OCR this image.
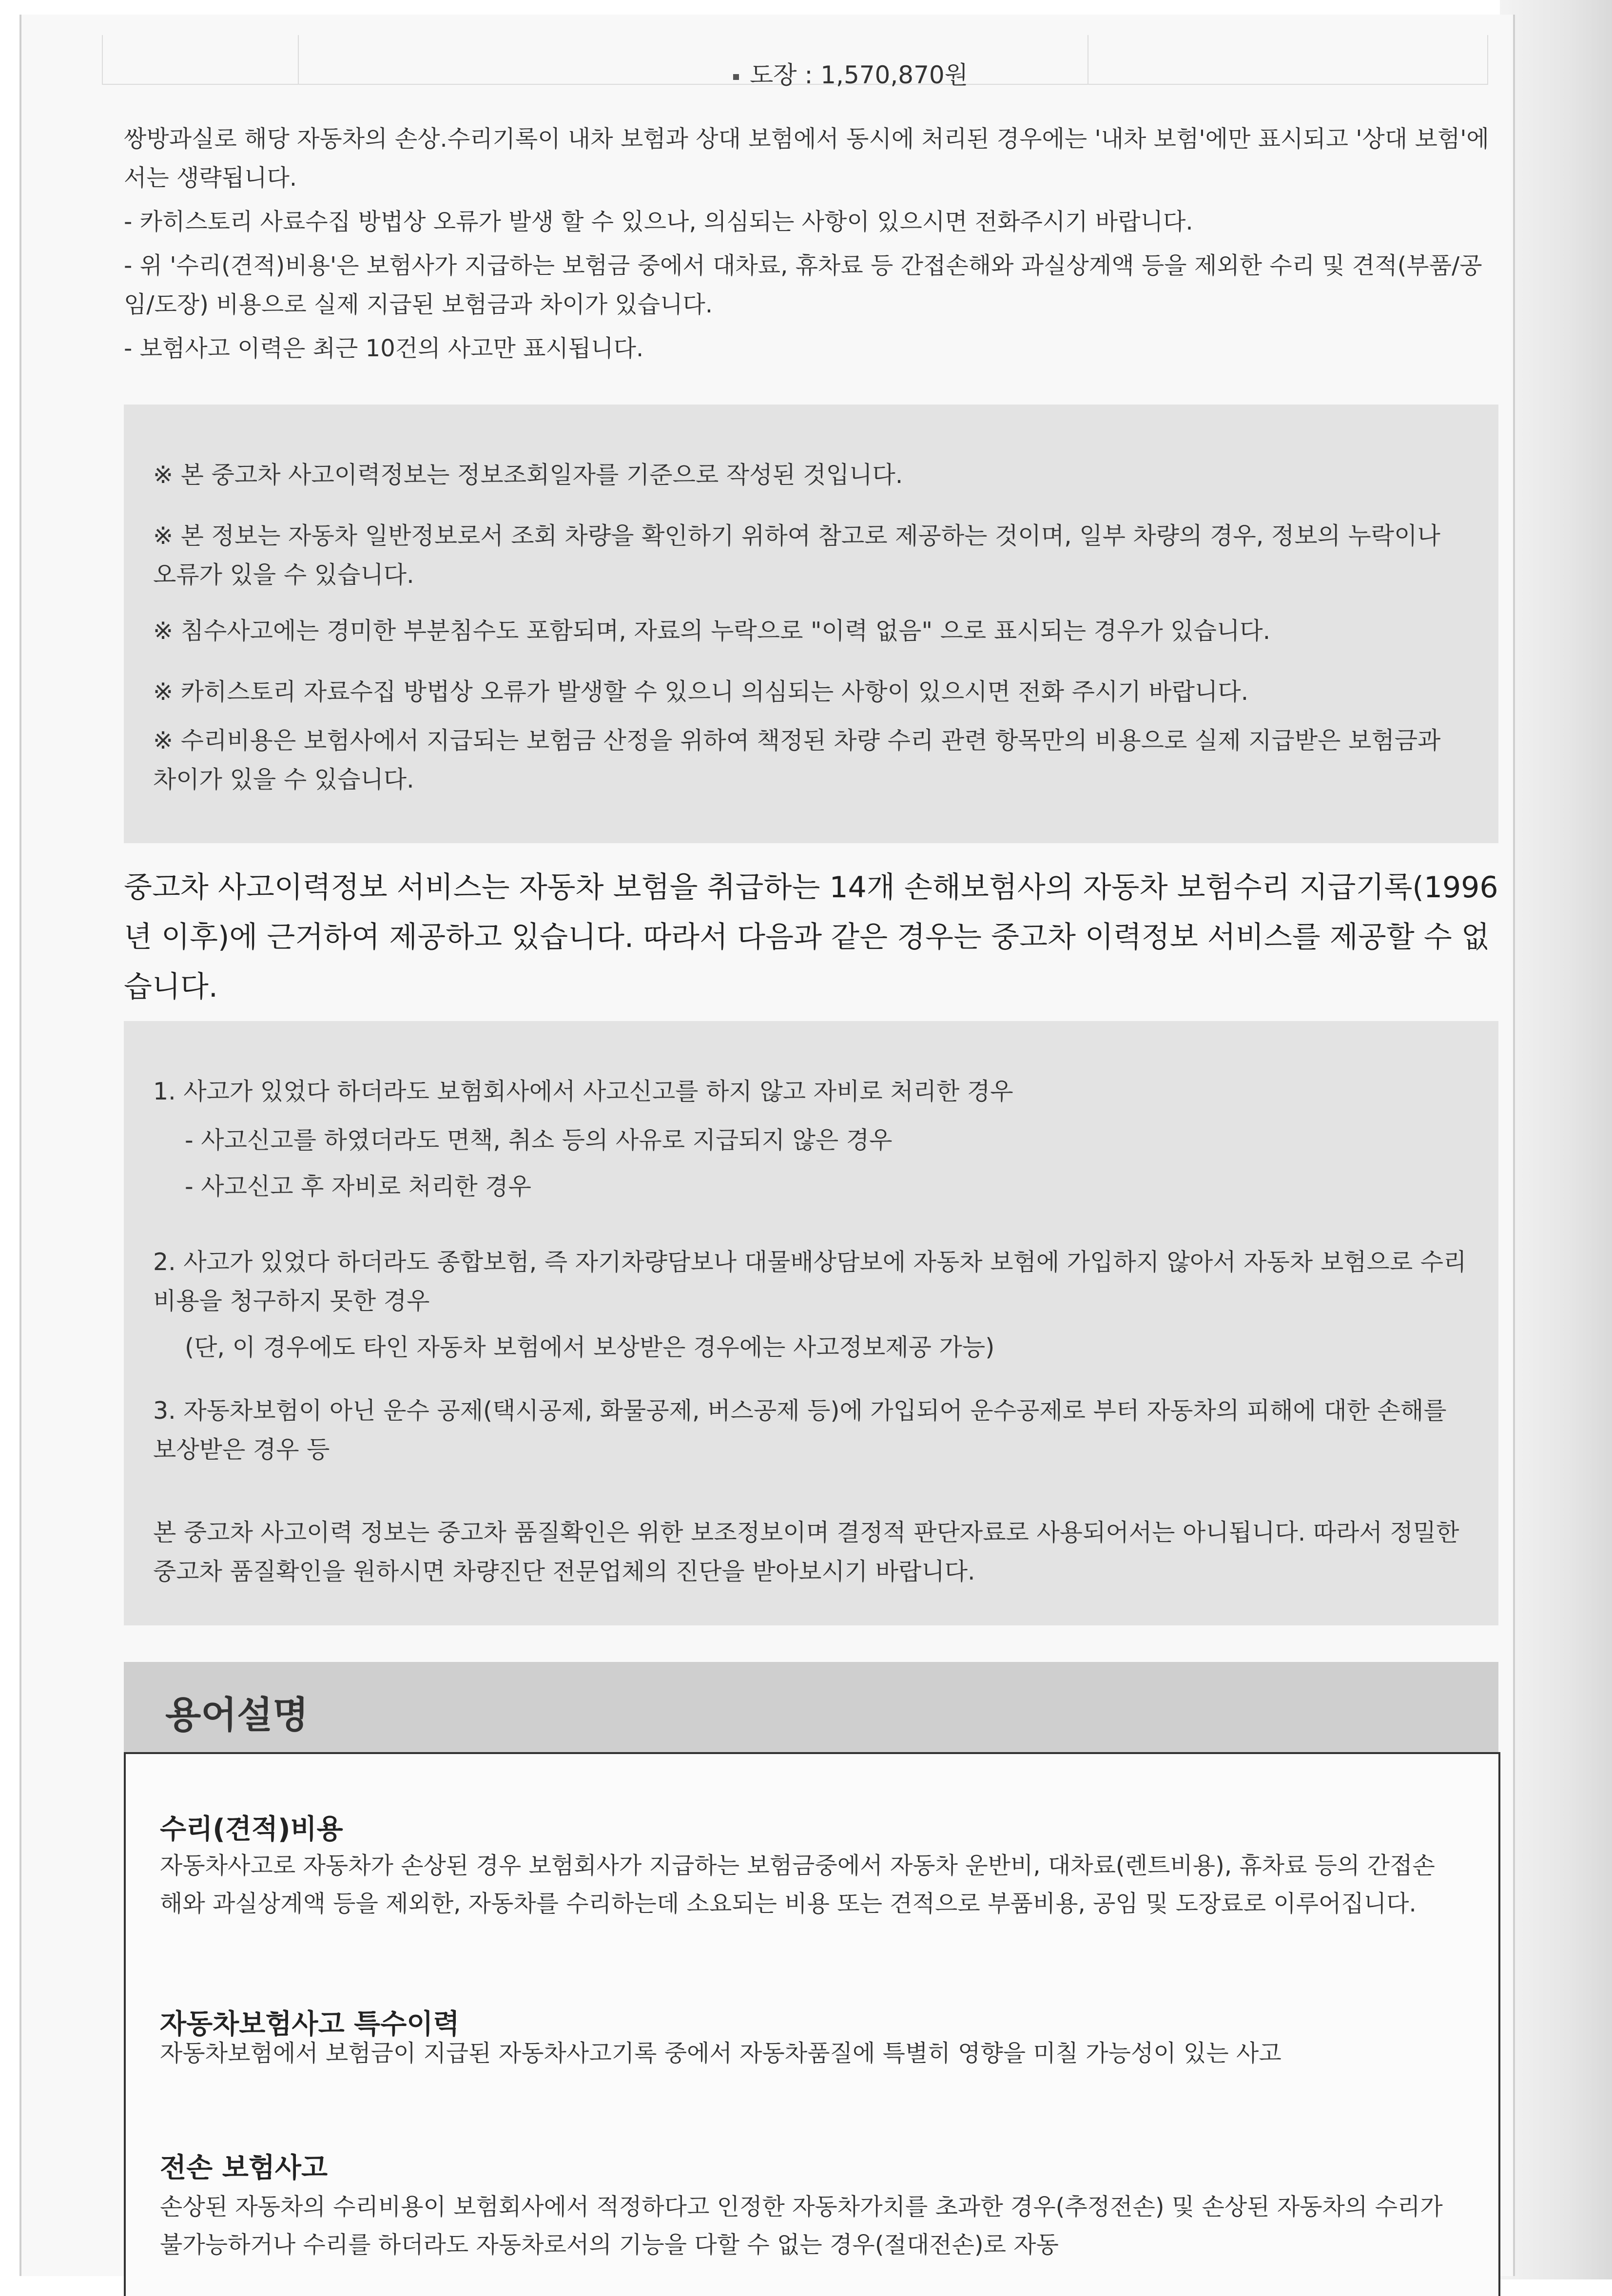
도장 : 1,570,870원
쌍방과실로 해당 자동차의 손상.수리기록이 내차 보험과 상대 보험에서 동시에 처리된 경우에는 '내차 보험'에만 표시되고 '상대 보험'에서는 생략됩니다.
- 카히스토리 사료수집 방법상 오류가 발생 할 수 있으나, 의심되는 사항이 있으시면 전화주시기 바랍니다.
- 위 '수리(견적)비용'은 보험사가 지급하는 보험금 중에서 대차료, 휴차료 등 간접손해와 과실상계액 등을 제외한 수리 및 견적(부품/공임/도장) 비용으로 실제 지급된 보험금과 차이가 있습니다.
- 보험사고 이력은 최근 10건의 사고만 표시됩니다.
※ 본 중고차 사고이력정보는 정보조회일자를 기준으로 작성된 것입니다.
※ 본 정보는 자동차 일반정보로서 조회 차량을 확인하기 위하여 참고로 제공하는 것이며, 일부 차량의 경우, 정보의 누락이나 오류가 있을 수 있습니다.
※ 침수사고에는 경미한 부분침수도 포함되며, 자료의 누락으로 "이력 없음" 으로 표시되는 경우가 있습니다.
※ 카히스토리 자료수집 방법상 오류가 발생할 수 있으니 의심되는 사항이 있으시면 전화 주시기 바랍니다.
※ 수리비용은 보험사에서 지급되는 보험금 산정을 위하여 책정된 차량 수리 관련 항목만의 비용으로 실제 지급받은 보험금과 차이가 있을 수 있습니다.
중고차 사고이력정보 서비스는 자동차 보험을 취급하는 14개 손해보험사의 자동차 보험수리 지급기록(1996년 이후)에 근거하여 제공하고 있습니다. 따라서 다음과 같은 경우는 중고차 이력정보 서비스를 제공할 수 없습니다.
1. 사고가 있었다 하더라도 보험회사에서 사고신고를 하지 않고 자비로 처리한 경우
- 사고신고를 하였더라도 면책, 취소 등의 사유로 지급되지 않은 경우
- 사고신고 후 자비로 처리한 경우
2. 사고가 있었다 하더라도 종합보험, 즉 자기차량담보나 대물배상담보에 자동차 보험에 가입하지 않아서 자동차 보험으로 수리비용을 청구하지 못한 경우
(단, 이 경우에도 타인 자동차 보험에서 보상받은 경우에는 사고정보제공 가능)
3. 자동차보험이 아닌 운수 공제(택시공제, 화물공제, 버스공제 등)에 가입되어 운수공제로 부터 자동차의 피해에 대한 손해를 보상받은 경우 등
본 중고차 사고이력 정보는 중고차 품질확인은 위한 보조정보이며 결정적 판단자료로 사용되어서는 아니됩니다. 따라서 정밀한 중고차 품질확인을 원하시면 차량진단 전문업체의 진단을 받아보시기 바랍니다.
용어설명
수리(견적)비용
자동차사고로 자동차가 손상된 경우 보험회사가 지급하는 보험금중에서 자동차 운반비, 대차료(렌트비용), 휴차료 등의 간접손해와 과실상계액 등을 제외한, 자동차를 수리하는데 소요되는 비용 또는 견적으로 부품비용, 공임 및 도장료로 이루어집니다.
자동차보험사고 특수이력
자동차보험에서 보험금이 지급된 자동차사고기록 중에서 자동차품질에 특별히 영향을 미칠 가능성이 있는 사고
전손 보험사고
손상된 자동차의 수리비용이 보험회사에서 적정하다고 인정한 자동차가치를 초과한 경우(추정전손) 및 손상된 자동차의 수리가 불가능하거나 수리를 하더라도 자동차로서의 기능을 다할 수 없는 경우(절대전손)로 자동
